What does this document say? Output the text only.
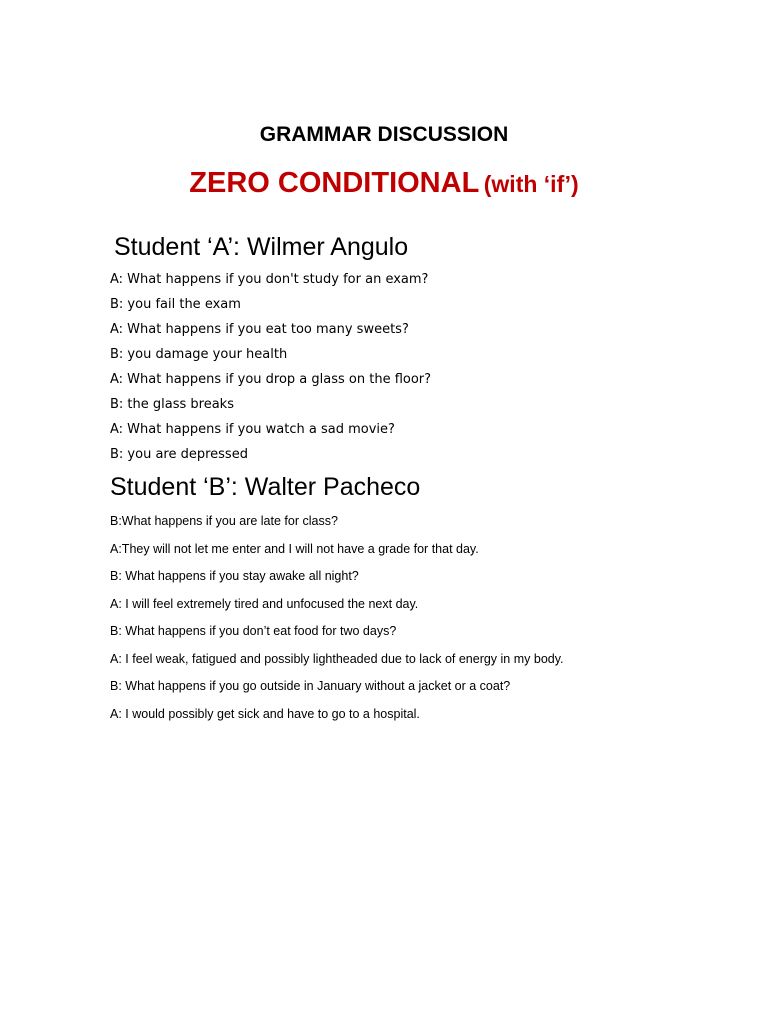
GRAMMAR DISCUSSION
ZERO CONDITIONAL (with ‘if’)
Student ‘A’: Wilmer Angulo
A: What happens if you don't study for an exam?
B: you fail the exam
A: What happens if you eat too many sweets?
B: you damage your health
A: What happens if you drop a glass on the floor?
B: the glass breaks
A: What happens if you watch a sad movie?
B: you are depressed
Student ‘B’: Walter Pacheco
B:What happens if you are late for class?
A:They will not let me enter and I will not have a grade for that day.
B: What happens if you stay awake all night?
A: I will feel extremely tired and unfocused the next day.
B: What happens if you don’t eat food for two days?
A: I feel weak, fatigued and possibly lightheaded due to lack of energy in my body.
B: What happens if you go outside in January without a jacket or a coat?
A: I would possibly get sick and have to go to a hospital.
